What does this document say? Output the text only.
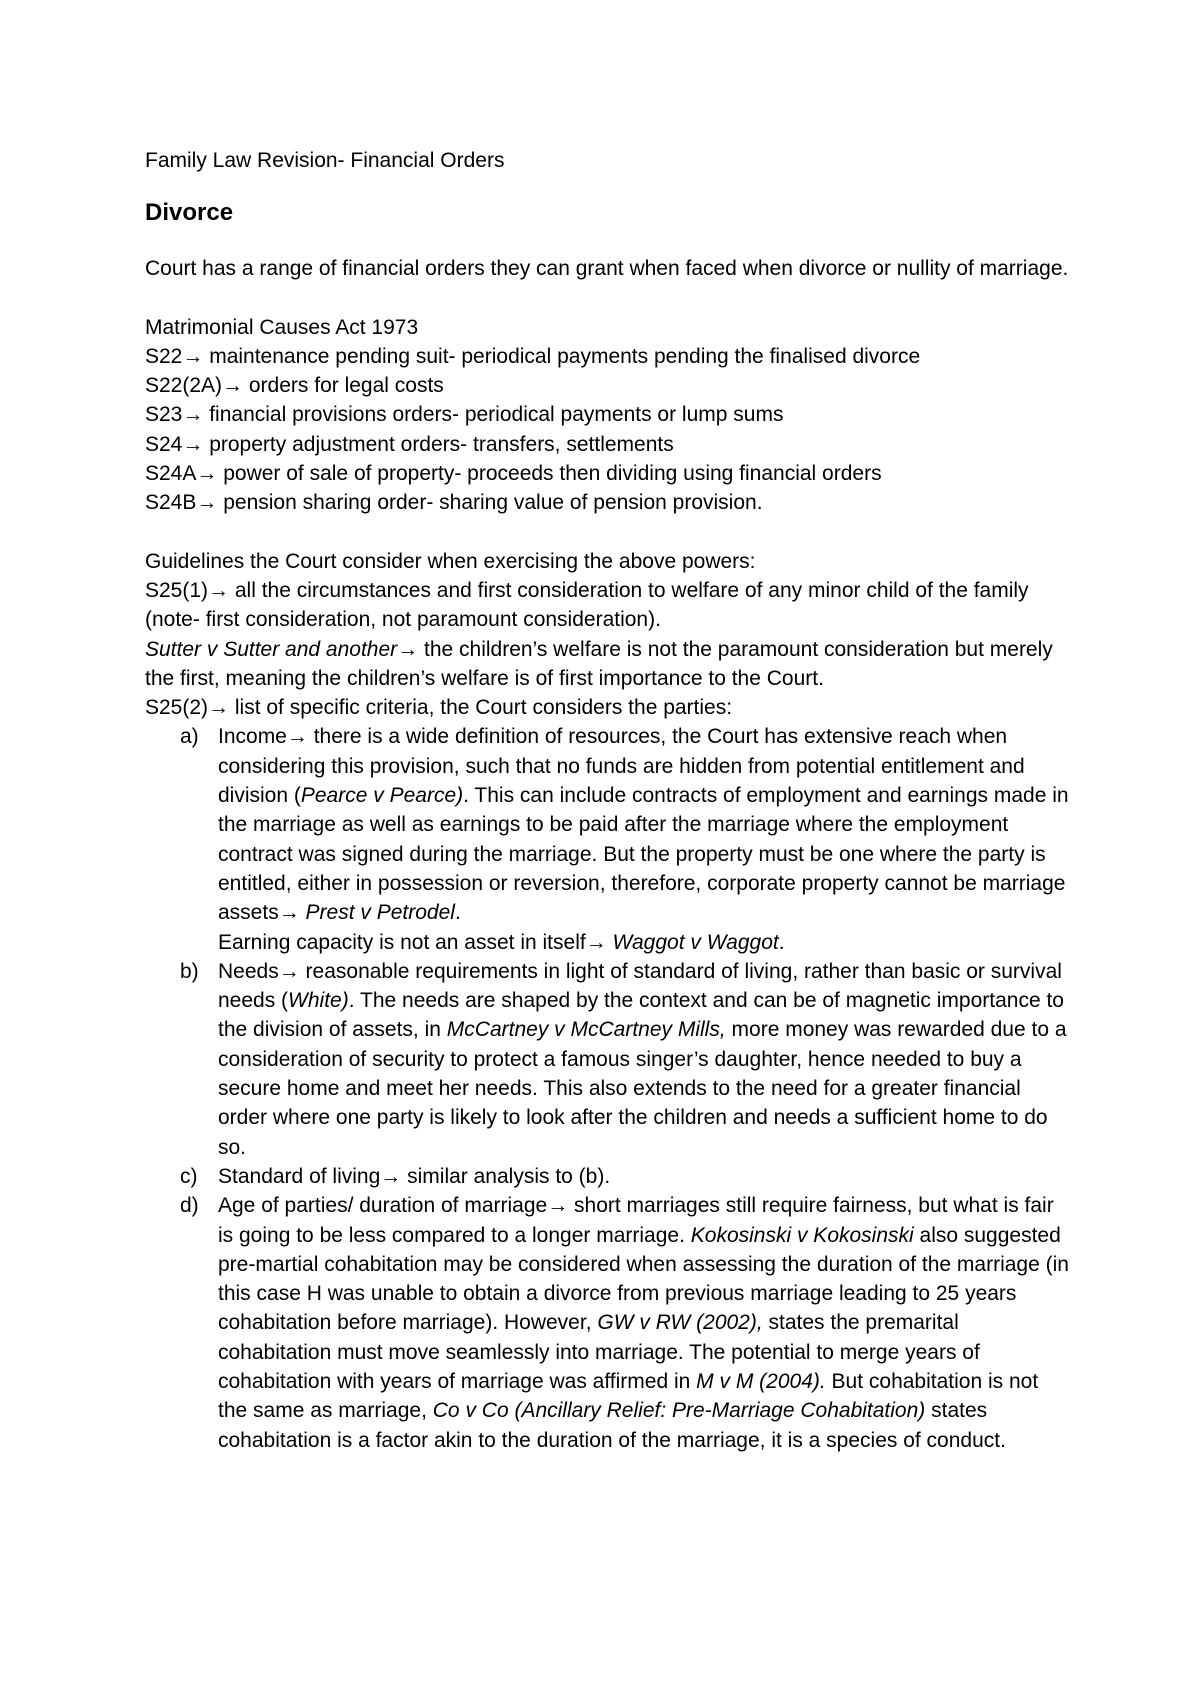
Family Law Revision- Financial Orders

Divorce

Court has a range of financial orders they can grant when faced when divorce or nullity of marriage.

Matrimonial Causes Act 1973

S22→ maintenance pending suit- periodical payments pending the finalised divorce

S22(2A)→ orders for legal costs

S23→ financial provisions orders- periodical payments or lump sums

S24→ property adjustment orders- transfers, settlements

S24A→ power of sale of property- proceeds then dividing using financial orders

S24B→ pension sharing order- sharing value of pension provision.

Guidelines the Court consider when exercising the above powers:

S25(1)→ all the circumstances and first consideration to welfare of any minor child of the family (note- first consideration, not paramount consideration).

Sutter v Sutter and another→ the children’s welfare is not the paramount consideration but merely the first, meaning the children’s welfare is of first importance to the Court.

S25(2)→ list of specific criteria, the Court considers the parties:

a) Income→ there is a wide definition of resources, the Court has extensive reach when considering this provision, such that no funds are hidden from potential entitlement and division (Pearce v Pearce). This can include contracts of employment and earnings made in the marriage as well as earnings to be paid after the marriage where the employment contract was signed during the marriage. But the property must be one where the party is entitled, either in possession or reversion, therefore, corporate property cannot be marriage assets→ Prest v Petrodel.
Earning capacity is not an asset in itself→ Waggot v Waggot.
b) Needs→ reasonable requirements in light of standard of living, rather than basic or survival needs (White). The needs are shaped by the context and can be of magnetic importance to the division of assets, in McCartney v McCartney Mills, more money was rewarded due to a consideration of security to protect a famous singer’s daughter, hence needed to buy a secure home and meet her needs. This also extends to the need for a greater financial order where one party is likely to look after the children and needs a sufficient home to do so.
c) Standard of living→ similar analysis to (b).
d) Age of parties/ duration of marriage→ short marriages still require fairness, but what is fair is going to be less compared to a longer marriage. Kokosinski v Kokosinski also suggested pre-martial cohabitation may be considered when assessing the duration of the marriage (in this case H was unable to obtain a divorce from previous marriage leading to 25 years cohabitation before marriage). However, GW v RW (2002), states the premarital cohabitation must move seamlessly into marriage. The potential to merge years of cohabitation with years of marriage was affirmed in M v M (2004). But cohabitation is not the same as marriage, Co v Co (Ancillary Relief: Pre-Marriage Cohabitation) states cohabitation is a factor akin to the duration of the marriage, it is a species of conduct.
